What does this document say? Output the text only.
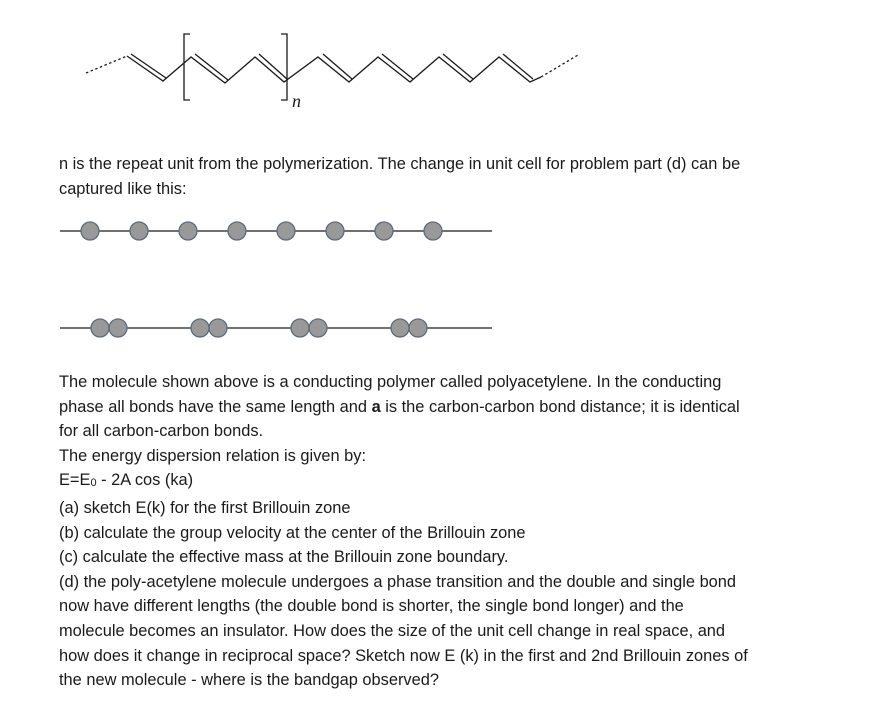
n

n is the repeat unit from the polymerization. The change in unit cell for problem part (d) can be
captured like this:

The molecule shown above is a conducting polymer called polyacetylene. In the conducting
phase all bonds have the same length and a is the carbon-carbon bond distance; it is identical
for all carbon-carbon bonds.
The energy dispersion relation is given by:
E=E0 - 2A cos (ka)
(a) sketch E(k) for the first Brillouin zone
(b) calculate the group velocity at the center of the Brillouin zone
(c) calculate the effective mass at the Brillouin zone boundary.
(d) the poly-acetylene molecule undergoes a phase transition and the double and single bond
now have different lengths (the double bond is shorter, the single bond longer) and the
molecule becomes an insulator. How does the size of the unit cell change in real space, and
how does it change in reciprocal space? Sketch now E (k) in the first and 2nd Brillouin zones of
the new molecule - where is the bandgap observed?
